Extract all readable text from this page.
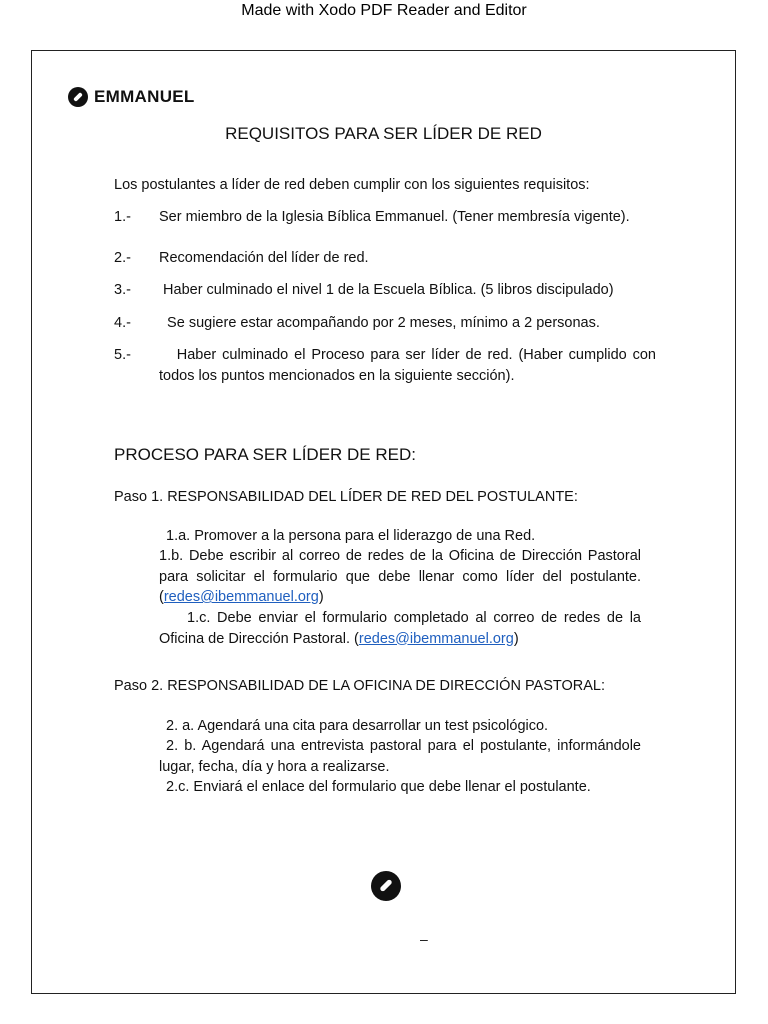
Made with Xodo PDF Reader and Editor
EMMANUEL
REQUISITOS PARA SER LÍDER DE RED
Los postulantes a líder de red deben cumplir con los siguientes requisitos:
1.- Ser miembro de la Iglesia Bíblica Emmanuel. (Tener membresía vigente).
2.- Recomendación del líder de red.
3.- Haber culminado el nivel 1 de la Escuela Bíblica. (5 libros discipulado)
4.- Se sugiere estar acompañando por 2 meses, mínimo a 2 personas.
5.- Haber culminado el Proceso para ser líder de red. (Haber cumplido con todos los puntos mencionados en la siguiente sección).
PROCESO PARA SER LÍDER DE RED:
Paso 1. RESPONSABILIDAD DEL LÍDER DE RED DEL POSTULANTE:
1.a. Promover a la persona para el liderazgo de una Red.
1.b. Debe escribir al correo de redes de la Oficina de Dirección Pastoral para solicitar el formulario que debe llenar como líder del postulante. (redes@ibemmanuel.org)
1.c. Debe enviar el formulario completado al correo de redes de la Oficina de Dirección Pastoral. (redes@ibemmanuel.org)
Paso 2. RESPONSABILIDAD DE LA OFICINA DE DIRECCIÓN PASTORAL:
2. a. Agendará una cita para desarrollar un test psicológico.
2. b. Agendará una entrevista pastoral para el postulante, informándole lugar, fecha, día y hora a realizarse.
2.c. Enviará el enlace del formulario que debe llenar el postulante.
–
